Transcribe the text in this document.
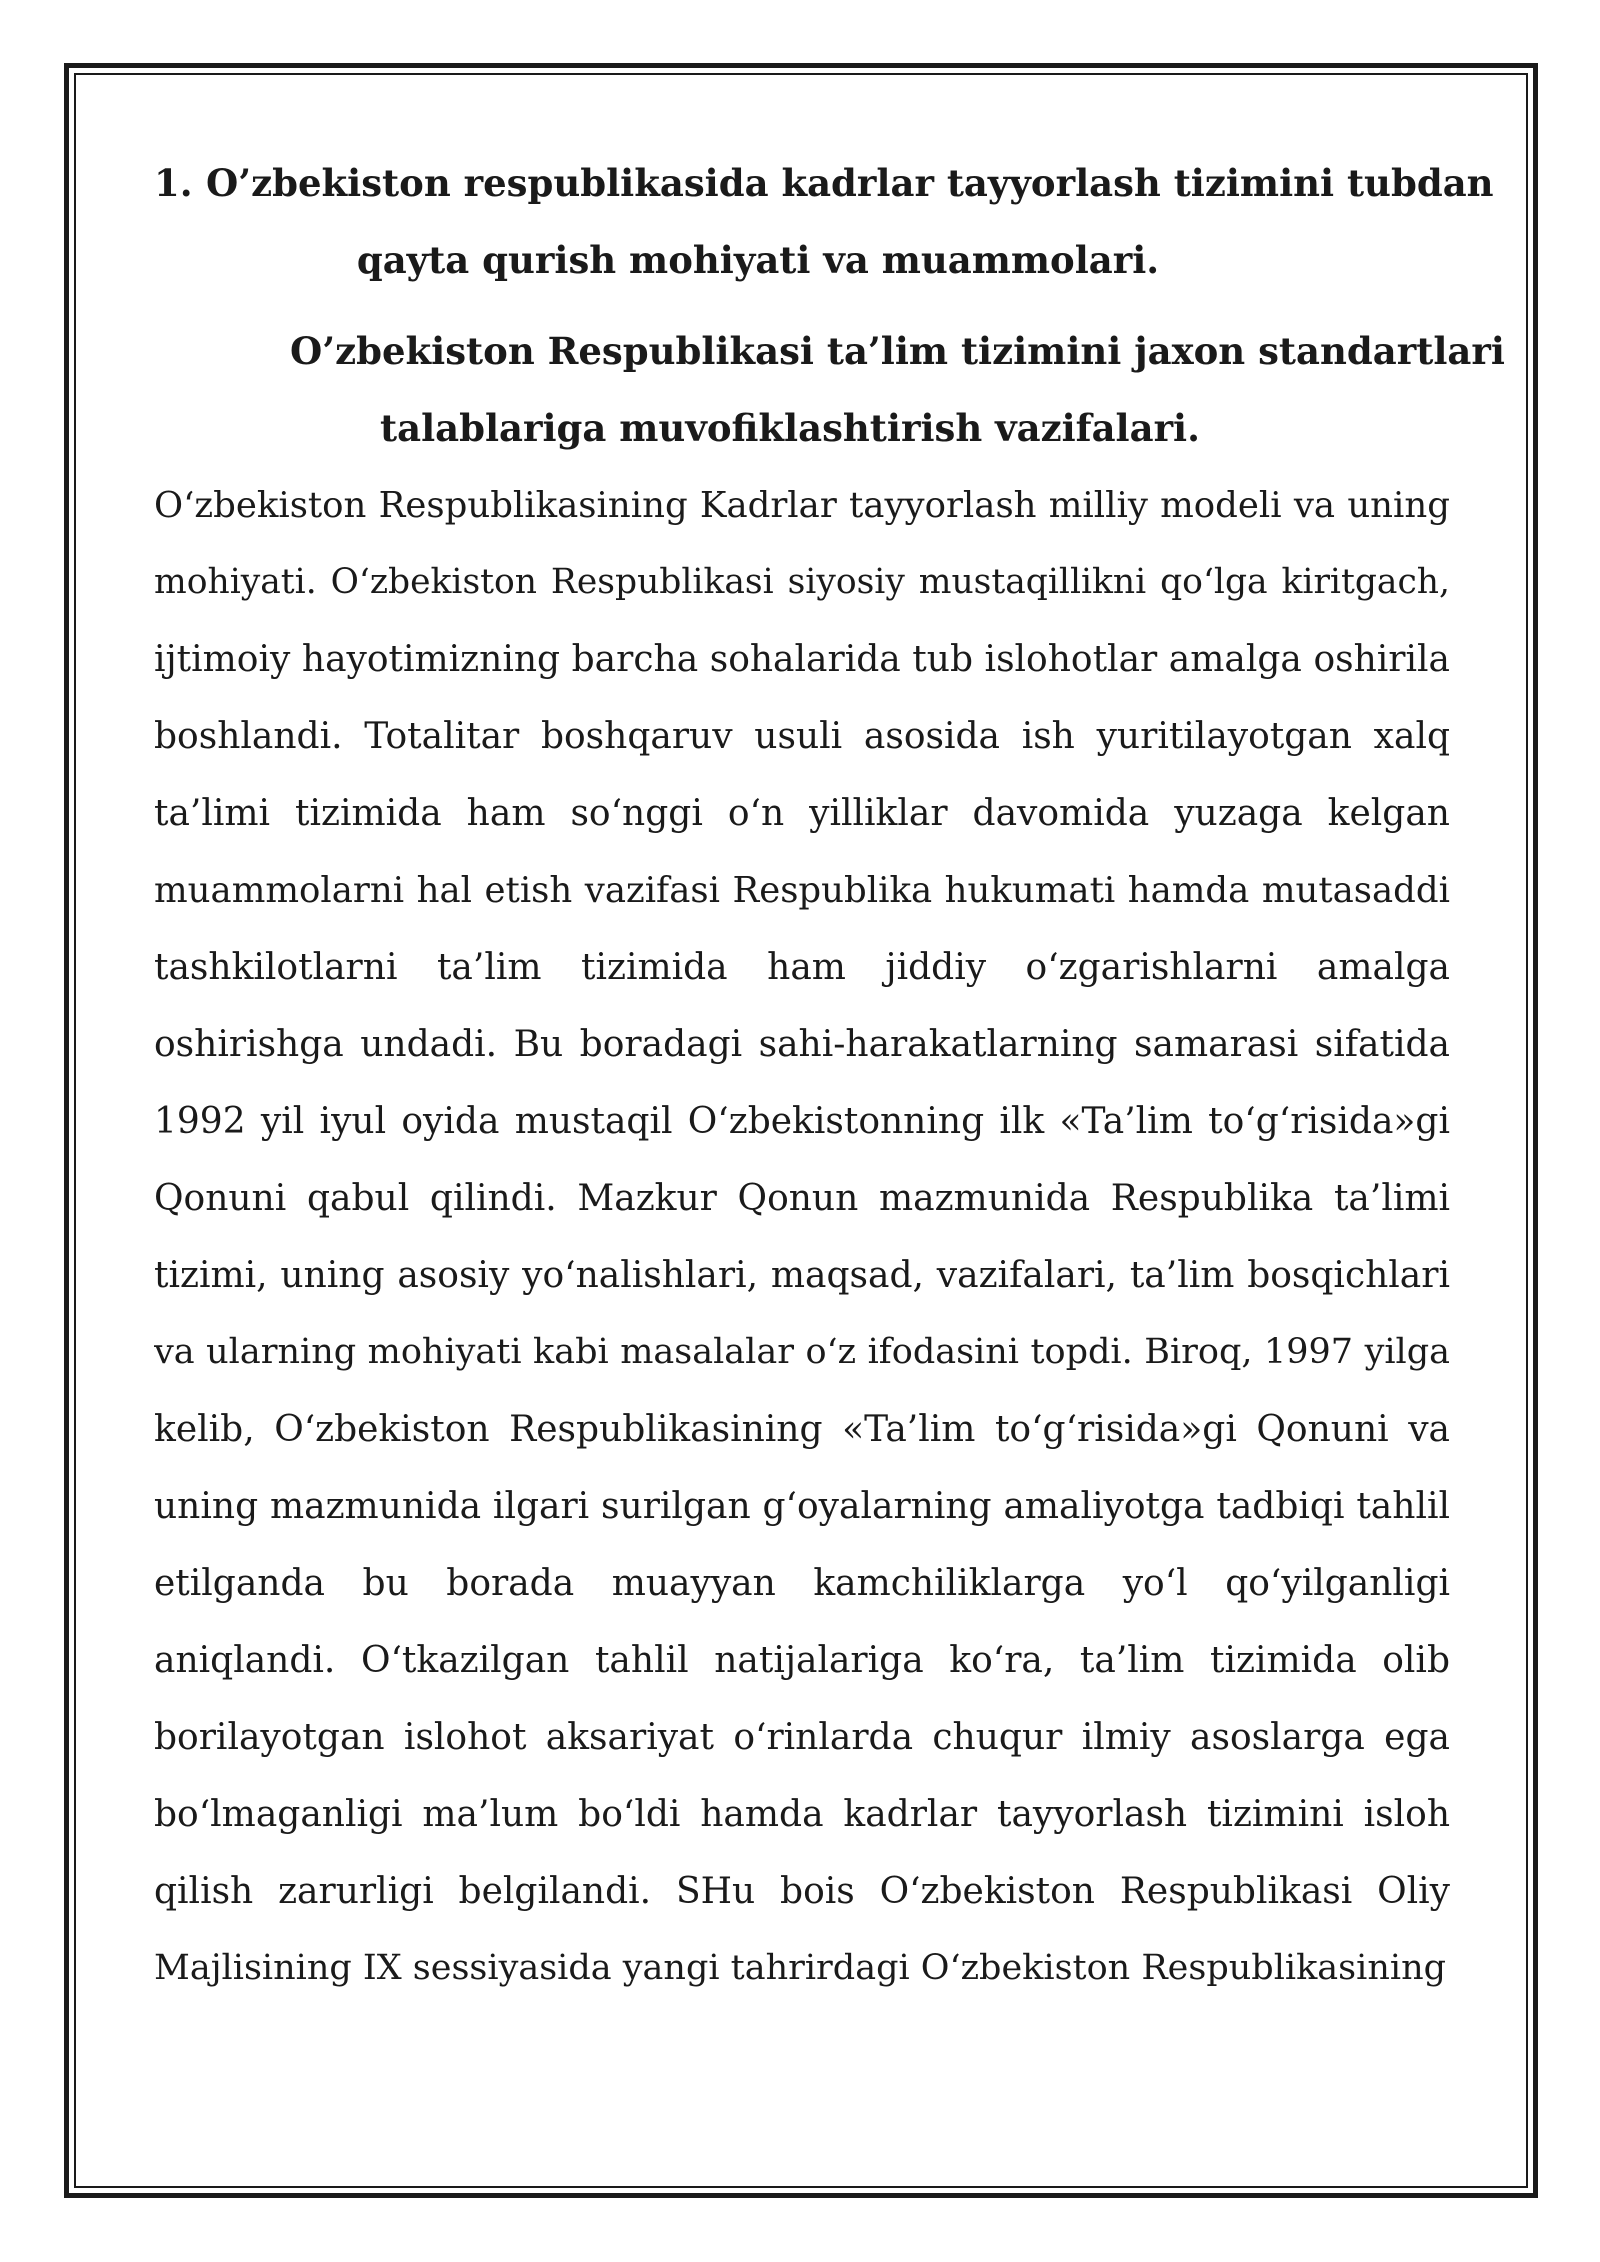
1. O’zbekiston respublikasida kadrlar tayyorlash tizimini tubdan
qayta qurish mohiyati va muammolari.
O’zbekiston Respublikasi ta’lim tizimini jaxon standartlari
talablariga muvofiklashtirish vazifalari.

O‘zbekiston Respublikasining Kadrlar tayyorlash milliy modeli va uning
mohiyati. O‘zbekiston Respublikasi siyosiy mustaqillikni qo‘lga kiritgach,
ijtimoiy hayotimizning barcha sohalarida tub islohotlar amalga oshirila
boshlandi. Totalitar boshqaruv usuli asosida ish yuritilayotgan xalq
ta’limi tizimida ham so‘nggi o‘n yilliklar davomida yuzaga kelgan
muammolarni hal etish vazifasi Respublika hukumati hamda mutasaddi
tashkilotlarni ta’lim tizimida ham jiddiy o‘zgarishlarni amalga
oshirishga undadi. Bu boradagi sahi-harakatlarning samarasi sifatida
1992 yil iyul oyida mustaqil O‘zbekistonning ilk «Ta’lim to‘g‘risida»gi
Qonuni qabul qilindi. Mazkur Qonun mazmunida Respublika ta’limi
tizimi, uning asosiy yo‘nalishlari, maqsad, vazifalari, ta’lim bosqichlari
va ularning mohiyati kabi masalalar o‘z ifodasini topdi. Biroq, 1997 yilga
kelib, O‘zbekiston Respublikasining «Ta’lim to‘g‘risida»gi Qonuni va
uning mazmunida ilgari surilgan g‘oyalarning amaliyotga tadbiqi tahlil
etilganda bu borada muayyan kamchiliklarga yo‘l qo‘yilganligi
aniqlandi. O‘tkazilgan tahlil natijalariga ko‘ra, ta’lim tizimida olib
borilayotgan islohot aksariyat o‘rinlarda chuqur ilmiy asoslarga ega
bo‘lmaganligi ma’lum bo‘ldi hamda kadrlar tayyorlash tizimini isloh
qilish zarurligi belgilandi. SHu bois O‘zbekiston Respublikasi Oliy
Majlisining IX sessiyasida yangi tahrirdagi O‘zbekiston Respublikasining
